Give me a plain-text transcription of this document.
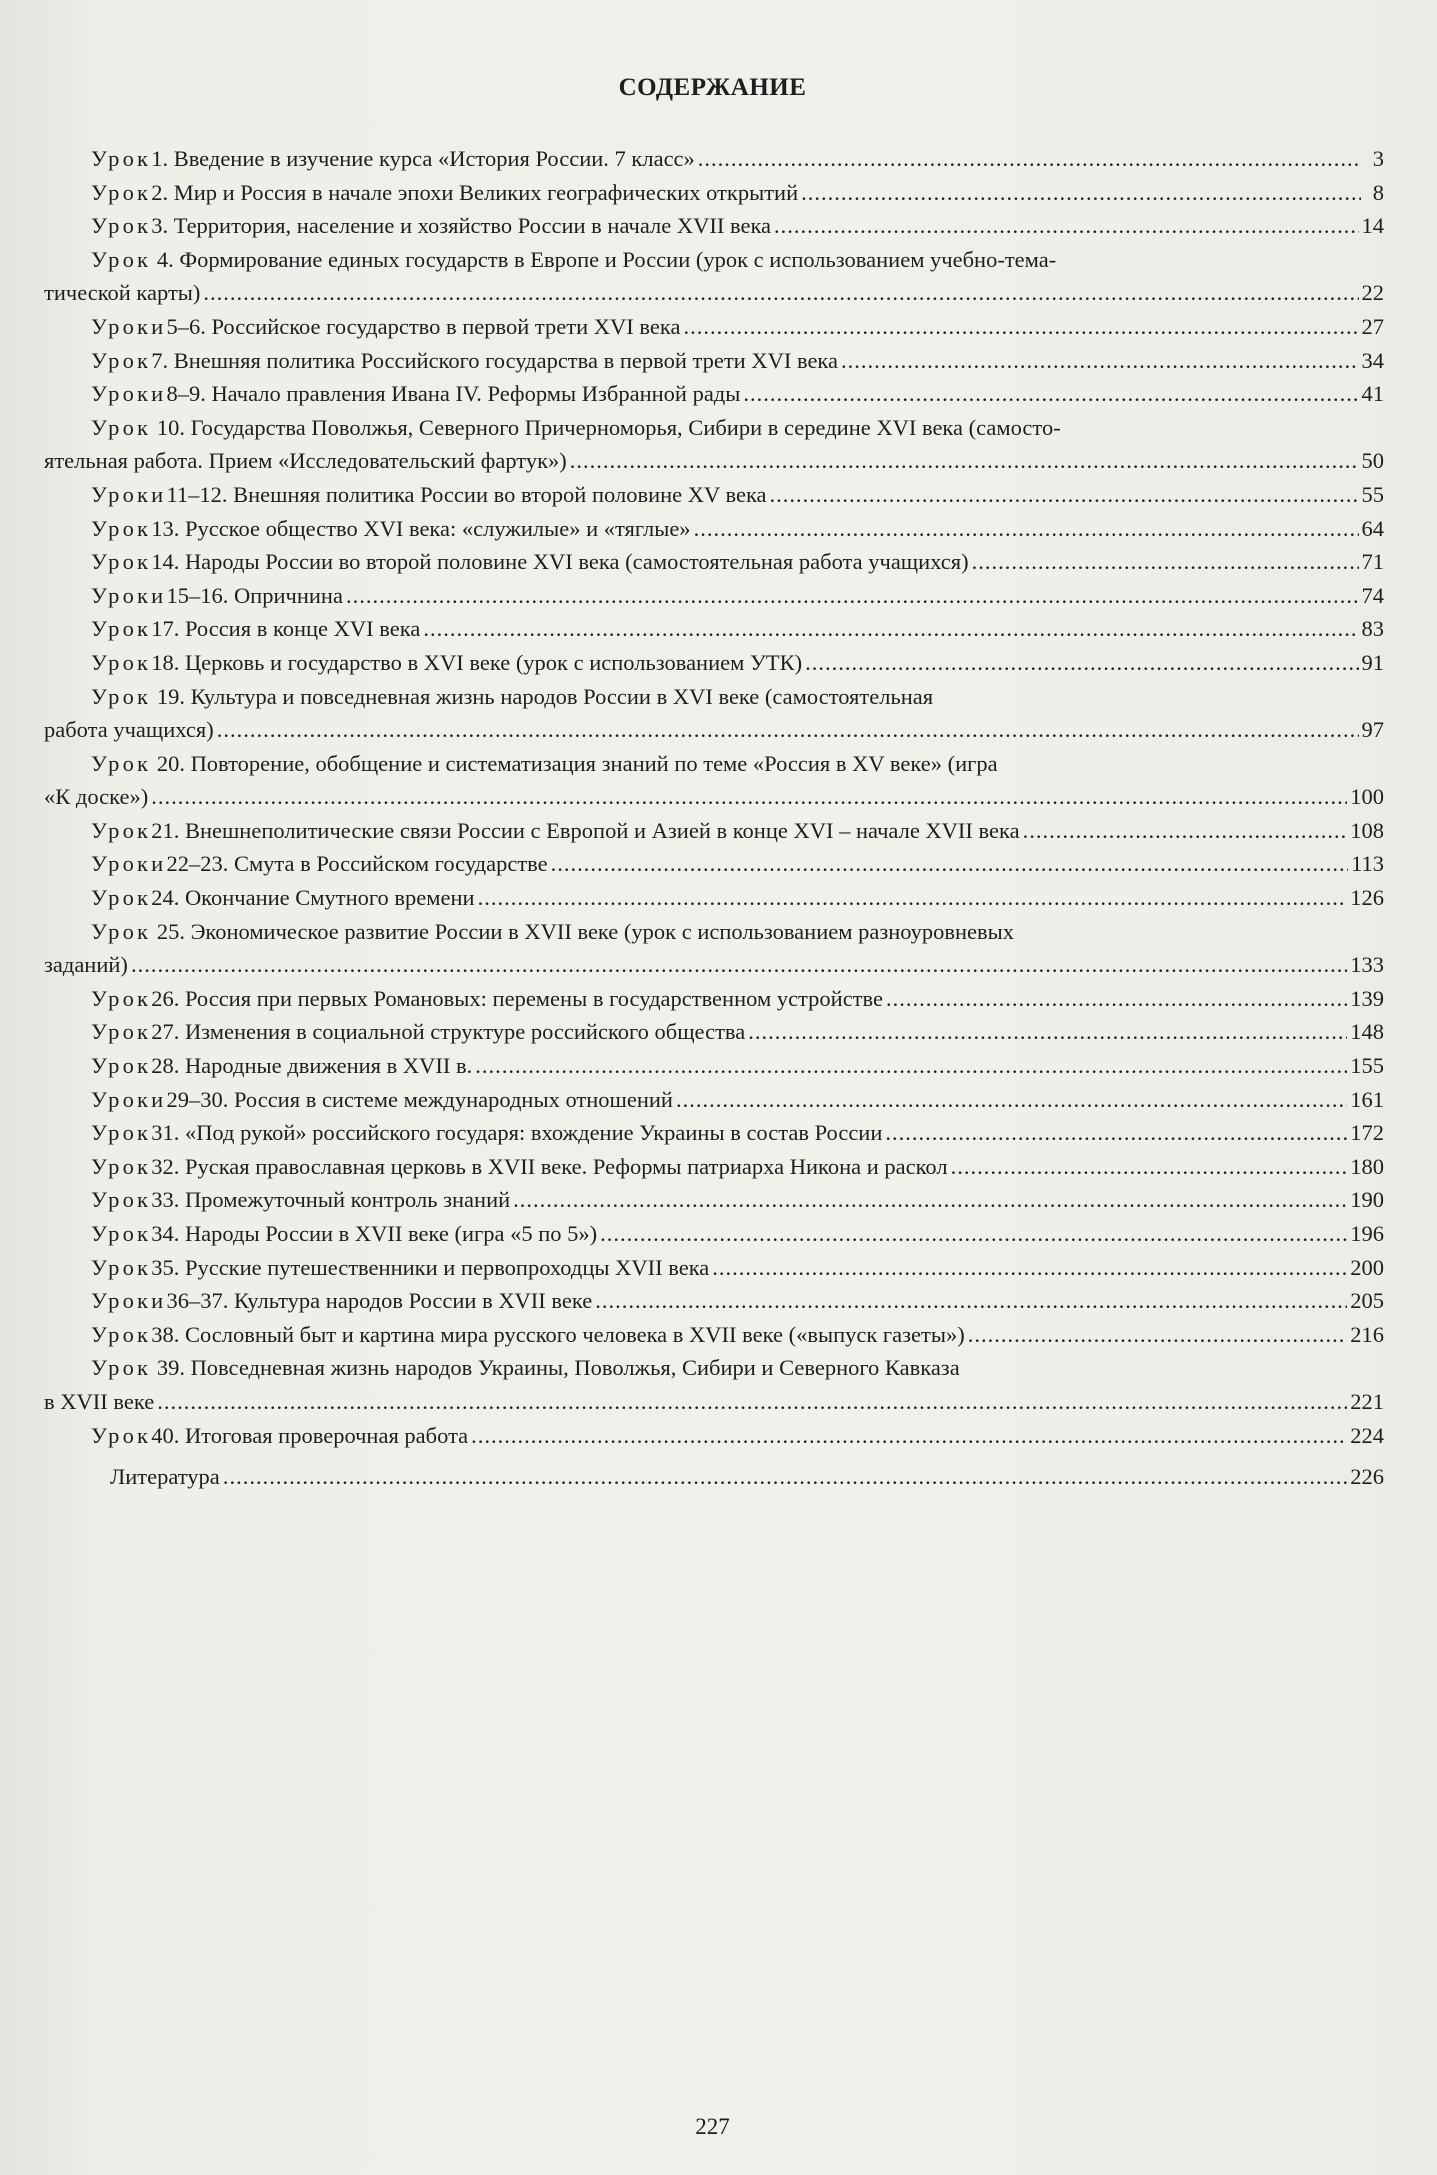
СОДЕРЖАНИЕ
Урок 1. Введение в изучение курса «История России. 7 класс» .....	3
Урок 2. Мир и Россия в начале эпохи Великих географических открытий .....	8
Урок 3. Территория, население и хозяйство России в начале XVII века .....	14
Урок 4. Формирование единых государств в Европе и России (урок с использованием учебно-тема-
тической карты) .....	22
Уроки 5–6. Российское государство в первой трети XVI века .....	27
Урок 7. Внешняя политика Российского государства в первой трети XVI века .....	34
Уроки 8–9. Начало правления Ивана IV. Реформы Избранной рады .....	41
Урок 10. Государства Поволжья, Северного Причерноморья, Сибири в середине XVI века (самосто-
ятельная работа. Прием «Исследовательский фартук») .....	50
Уроки 11–12. Внешняя политика России во второй половине XV века .....	55
Урок 13. Русское общество XVI века: «служилые» и «тяглые» .....	64
Урок 14. Народы России во второй половине XVI века (самостоятельная работа учащихся) .....	71
Уроки 15–16. Опричнина .....	74
Урок 17. Россия в конце XVI века .....	83
Урок 18. Церковь и государство в XVI веке (урок с использованием УТК) .....	91
Урок 19. Культура и повседневная жизнь народов России в XVI веке (самостоятельная
работа учащихся) .....	97
Урок 20. Повторение, обобщение и систематизация знаний по теме «Россия в XV веке» (игра
«К доске») .....	100
Урок 21. Внешнеполитические связи России с Европой и Азией в конце XVI – начале XVII века .....	108
Уроки 22–23. Смута в Российском государстве .....	113
Урок 24. Окончание Смутного времени .....	126
Урок 25. Экономическое развитие России в XVII веке (урок с использованием разноуровневых
заданий) .....	133
Урок 26. Россия при первых Романовых: перемены в государственном устройстве .....	139
Урок 27. Изменения в социальной структуре российского общества .....	148
Урок 28. Народные движения в XVII в. .....	155
Уроки 29–30. Россия в системе международных отношений .....	161
Урок 31. «Под рукой» российского государя: вхождение Украины в состав России .....	172
Урок 32. Руская православная церковь в XVII веке. Реформы патриарха Никона и раскол .....	180
Урок 33. Промежуточный контроль знаний .....	190
Урок 34. Народы России в XVII веке (игра «5 по 5») .....	196
Урок 35. Русские путешественники и первопроходцы XVII века .....	200
Уроки 36–37. Культура народов России в XVII веке .....	205
Урок 38. Сословный быт и картина мира русского человека в XVII веке («выпуск газеты») .....	216
Урок 39. Повседневная жизнь народов Украины, Поволжья, Сибири и Северного Кавказа
в XVII веке .....	221
Урок 40. Итоговая проверочная работа .....	224
Литература .....	226
227
